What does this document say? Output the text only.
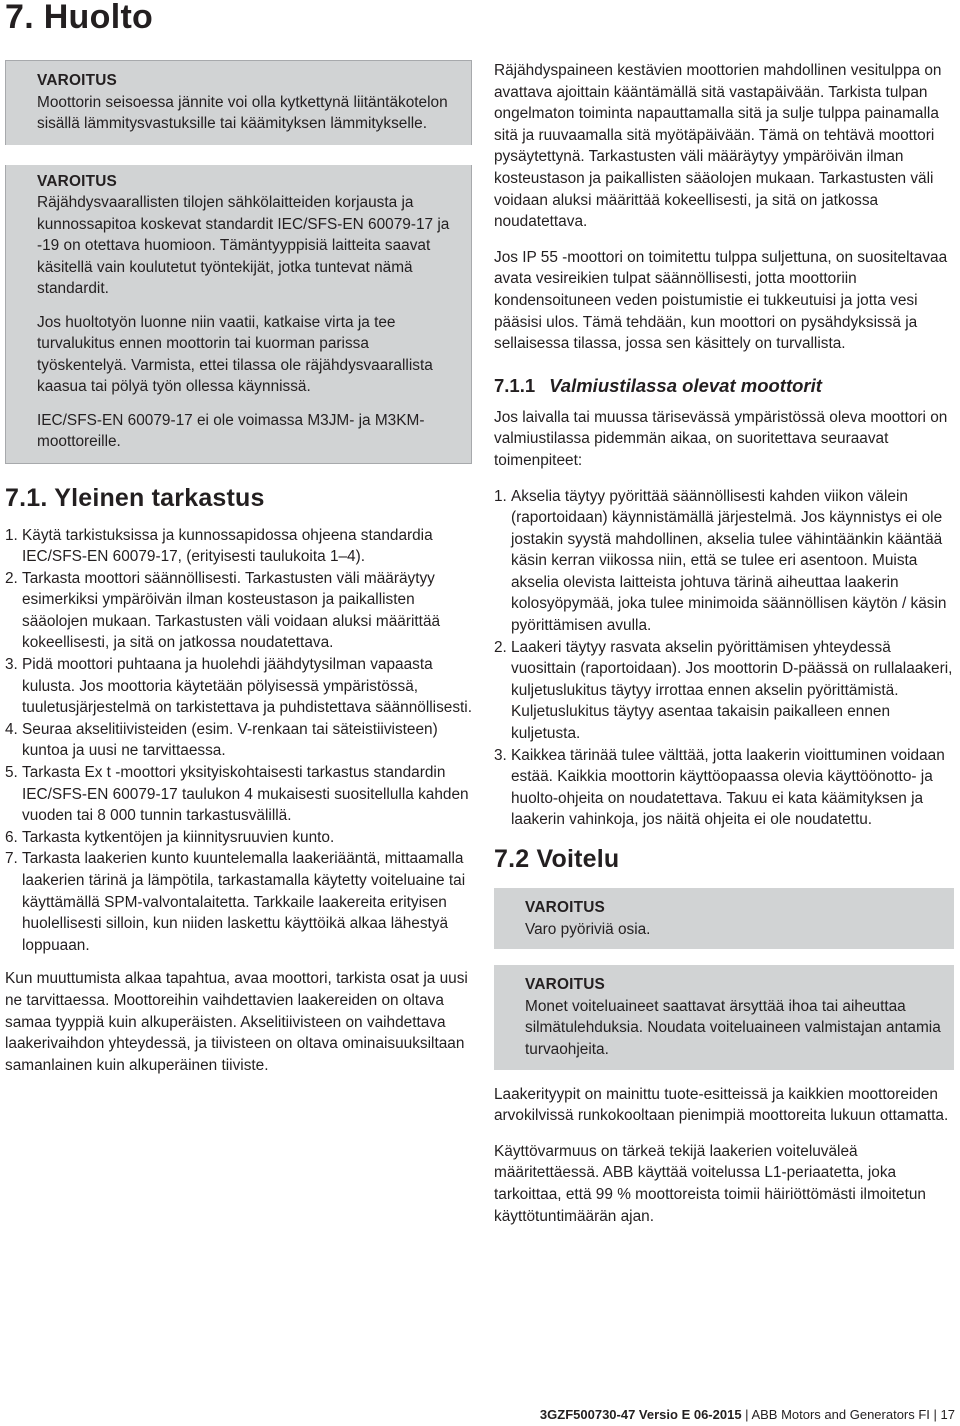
7. Huolto
VAROITUS
Moottorin seisoessa jännite voi olla kytkettynä liitäntäkotelon sisällä lämmitysvastuksille tai käämityksen lämmitykselle.
VAROITUS
Räjähdysvaarallisten tilojen sähkölaitteiden korjausta ja kunnossapitoa koskevat standardit IEC/SFS-EN 60079-17 ja -19 on otettava huomioon. Tämäntyyppisiä laitteita saavat käsitellä vain koulutetut työntekijät, jotka tuntevat nämä standardit.
Jos huoltotyön luonne niin vaatii, katkaise virta ja tee turvalukitus ennen moottorin tai kuorman parissa työskentelyä. Varmista, ettei tilassa ole räjähdysvaarallista kaasua tai pölyä työn ollessa käynnissä.
IEC/SFS-EN 60079-17 ei ole voimassa M3JM- ja M3KM-moottoreille.
7.1. Yleinen tarkastus
1. Käytä tarkistuksissa ja kunnossapidossa ohjeena standardia IEC/SFS-EN 60079-17, (erityisesti taulukoita 1–4).
2. Tarkasta moottori säännöllisesti. Tarkastusten väli määräytyy esimerkiksi ympäröivän ilman kosteustason ja paikallisten sääolojen mukaan. Tarkastusten väli voidaan aluksi määrittää kokeellisesti, ja sitä on jatkossa noudatettava.
3. Pidä moottori puhtaana ja huolehdi jäähdytysilman vapaasta kulusta. Jos moottoria käytetään pölyisessä ympäristössä, tuuletusjärjestelmä on tarkistettava ja puhdistettava säännöllisesti.
4. Seuraa akselitiivisteiden (esim. V-renkaan tai säteistiivisteen) kuntoa ja uusi ne tarvittaessa.
5. Tarkasta Ex t -moottori yksityiskohtaisesti tarkastus standardin IEC/SFS-EN 60079-17 taulukon 4 mukaisesti suositellulla kahden vuoden tai 8 000 tunnin tarkastusvälillä.
6. Tarkasta kytkentöjen ja kiinnitysruuvien kunto.
7. Tarkasta laakerien kunto kuuntelemalla laakeriääntä, mittaamalla laakerien tärinä ja lämpötila, tarkastamalla käytetty voiteluaine tai käyttämällä SPM-valvontalaitetta. Tarkkaile laakereita erityisen huolellisesti silloin, kun niiden laskettu käyttöikä alkaa lähestyä loppuaan.
Kun muuttumista alkaa tapahtua, avaa moottori, tarkista osat ja uusi ne tarvittaessa. Moottoreihin vaihdettavien laakereiden on oltava samaa tyyppiä kuin alkuperäisten. Akselitiivisteen on vaihdettava laakerivaihdon yhteydessä, ja tiivisteen on oltava ominaisuuksiltaan samanlainen kuin alkuperäinen tiiviste.
Räjähdyspaineen kestävien moottorien mahdollinen vesitulppa on avattava ajoittain kääntämällä sitä vastapäivään. Tarkista tulpan ongelmaton toiminta napauttamalla sitä ja sulje tulppa painamalla sitä ja ruuvaamalla sitä myötäpäivään. Tämä on tehtävä moottori pysäytettynä. Tarkastusten väli määräytyy ympäröivän ilman kosteustason ja paikallisten sääolojen mukaan. Tarkastusten väli voidaan aluksi määrittää kokeellisesti, ja sitä on jatkossa noudatettava.
Jos IP 55 -moottori on toimitettu tulppa suljettuna, on suositeltavaa avata vesireikien tulpat säännöllisesti, jotta moottoriin kondensoituneen veden poistumistie ei tukkeutuisi ja jotta vesi pääsisi ulos. Tämä tehdään, kun moottori on pysähdyksissä ja sellaisessa tilassa, jossa sen käsittely on turvallista.
7.1.1 Valmiustilassa olevat moottorit
Jos laivalla tai muussa tärisevässä ympäristössä oleva moottori on valmiustilassa pidemmän aikaa, on suoritettava seuraavat toimenpiteet:
1. Akselia täytyy pyörittää säännöllisesti kahden viikon välein (raportoidaan) käynnistämällä järjestelmä. Jos käynnistys ei ole jostakin syystä mahdollinen, akselia tulee vähintäänkin kääntää käsin kerran viikossa niin, että se tulee eri asentoon. Muista akselia olevista laitteista johtuva tärinä aiheuttaa laakerin kolosyöpymää, joka tulee minimoida säännöllisen käytön / käsin pyörittämisen avulla.
2. Laakeri täytyy rasvata akselin pyörittämisen yhteydessä vuosittain (raportoidaan). Jos moottorin D-päässä on rullalaakeri, kuljetuslukitus täytyy irrottaa ennen akselin pyörittämistä. Kuljetuslukitus täytyy asentaa takaisin paikalleen ennen kuljetusta.
3. Kaikkea tärinää tulee välttää, jotta laakerin vioittuminen voidaan estää. Kaikkia moottorin käyttöopaassa olevia käyttöönotto- ja huolto-ohjeita on noudatettava. Takuu ei kata käämityksen ja laakerin vahinkoja, jos näitä ohjeita ei ole noudatettu.
7.2 Voitelu
VAROITUS
Varo pyöriviä osia.
VAROITUS
Monet voiteluaineet saattavat ärsyttää ihoa tai aiheuttaa silmätulehduksia. Noudata voiteluaineen valmistajan antamia turvaohjeita.
Laakerityypit on mainittu tuote-esitteissä ja kaikkien moottoreiden arvokilvissä runkokooltaan pienimpiä moottoreita lukuun ottamatta.
Käyttövarmuus on tärkeä tekijä laakerien voiteluväleä määritettäessä. ABB käyttää voitelussa L1-periaatetta, joka tarkoittaa, että 99 % moottoreista toimii häiriöttömästi ilmoitetun käyttötuntimäärän ajan.
3GZF500730-47 Versio E 06-2015 | ABB Motors and Generators FI | 17
